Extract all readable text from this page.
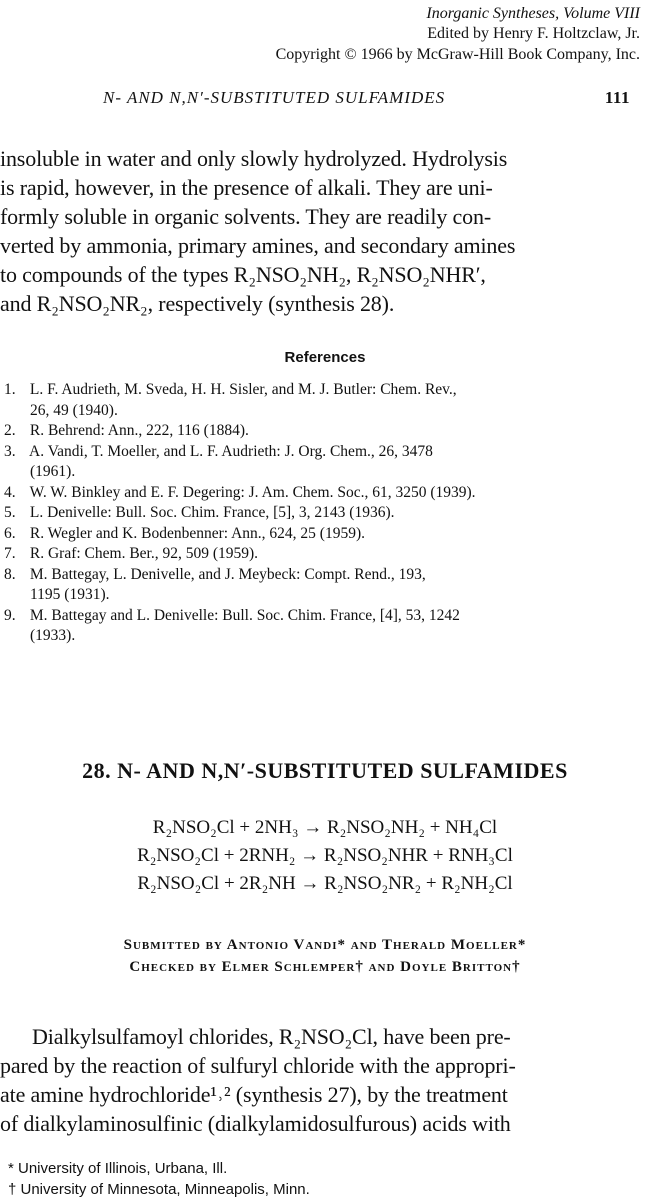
Inorganic Syntheses, Volume VIII
Edited by Henry F. Holtzclaw, Jr.
Copyright © 1966 by McGraw-Hill Book Company, Inc.
N- AND N,N′-SUBSTITUTED SULFAMIDES	111
insoluble in water and only slowly hydrolyzed. Hydrolysis
is rapid, however, in the presence of alkali. They are uni-
formly soluble in organic solvents. They are readily con-
verted by ammonia, primary amines, and secondary amines
to compounds of the types R₂NSO₂NH₂, R₂NSO₂NHR′,
and R₂NSO₂NR₂, respectively (synthesis 28).
References
1. L. F. Audrieth, M. Sveda, H. H. Sisler, and M. J. Butler: Chem. Rev.,
26, 49 (1940).
2. R. Behrend: Ann., 222, 116 (1884).
3. A. Vandi, T. Moeller, and L. F. Audrieth: J. Org. Chem., 26, 3478
(1961).
4. W. W. Binkley and E. F. Degering: J. Am. Chem. Soc., 61, 3250 (1939).
5. L. Denivelle: Bull. Soc. Chim. France, [5], 3, 2143 (1936).
6. R. Wegler and K. Bodenbenner: Ann., 624, 25 (1959).
7. R. Graf: Chem. Ber., 92, 509 (1959).
8. M. Battegay, L. Denivelle, and J. Meybeck: Compt. Rend., 193,
1195 (1931).
9. M. Battegay and L. Denivelle: Bull. Soc. Chim. France, [4], 53, 1242
(1933).
28. N- AND N,N′-SUBSTITUTED SULFAMIDES
R₂NSO₂Cl + 2NH₃ → R₂NSO₂NH₂ + NH₄Cl
R₂NSO₂Cl + 2RNH₂ → R₂NSO₂NHR + RNH₃Cl
R₂NSO₂Cl + 2R₂NH → R₂NSO₂NR₂ + R₂NH₂Cl
Submitted by Antonio Vandi* and Therald Moeller*
Checked by Elmer Schlemper† and Doyle Britton†
Dialkylsulfamoyl chlorides, R₂NSO₂Cl, have been pre-
pared by the reaction of sulfuryl chloride with the appropri-
ate amine hydrochloride¹˒² (synthesis 27), by the treatment
of dialkylaminosulfinic (dialkylamidosulfurous) acids with
* University of Illinois, Urbana, Ill.
† University of Minnesota, Minneapolis, Minn.
